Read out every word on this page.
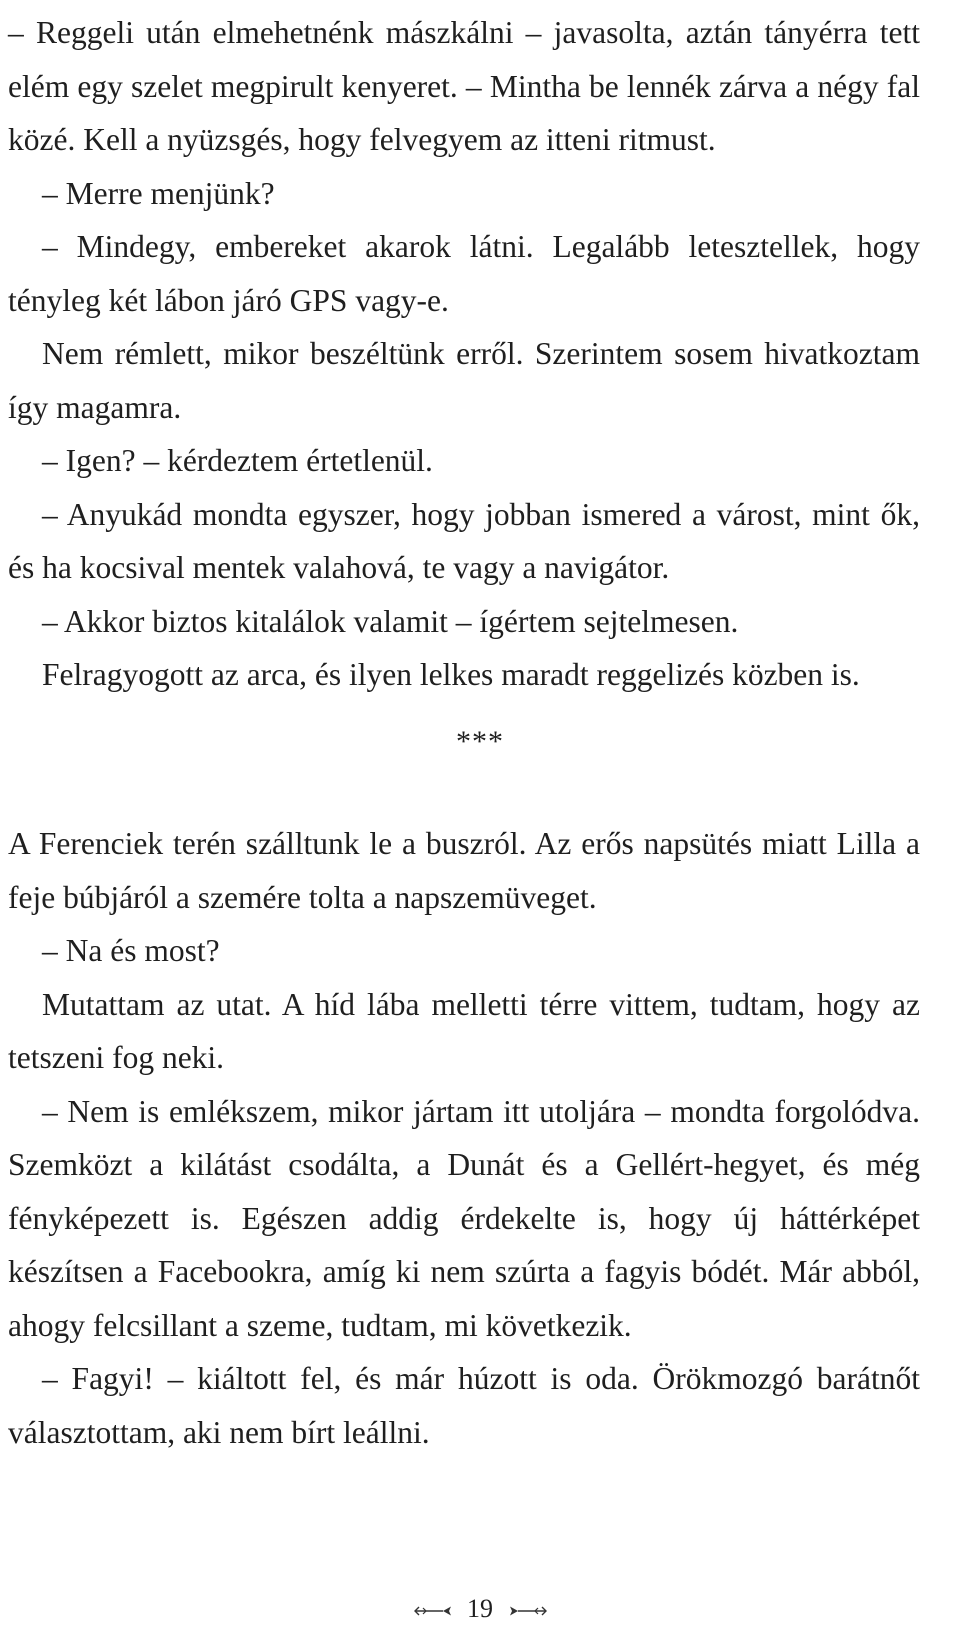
– Reggeli után elmehetnénk mászkálni – javasolta, aztán tányérra tett elém egy szelet megpirult kenyeret. – Mintha be lennék zárva a négy fal közé. Kell a nyüzsgés, hogy felvegyem az itteni ritmust.

– Merre menjünk?

– Mindegy, embereket akarok látni. Legalább letesztellek, hogy tényleg két lábon járó GPS vagy-e.

Nem rémlett, mikor beszéltünk erről. Szerintem sosem hivatkoztam így magamra.

– Igen? – kérdeztem értetlenül.

– Anyukád mondta egyszer, hogy jobban ismered a várost, mint ők, és ha kocsival mentek valahová, te vagy a navigátor.

– Akkor biztos kitalálok valamit – ígértem sejtelmesen.

Felragyogott az arca, és ilyen lelkes maradt reggelizés közben is.

***

A Ferenciek terén szálltunk le a buszról. Az erős napsütés miatt Lilla a feje búbjáról a szemére tolta a napszemüveget.

– Na és most?

Mutattam az utat. A híd lába melletti térre vittem, tudtam, hogy az tetszeni fog neki.

– Nem is emlékszem, mikor jártam itt utoljára – mondta forgolódva. Szemközt a kilátást csodálta, a Dunát és a Gellért-hegyet, és még fényképezett is. Egészen addig érdekelte is, hogy új háttérképet készítsen a Facebookra, amíg ki nem szúrta a fagyis bódét. Már abból, ahogy felcsillant a szeme, tudtam, mi következik.

– Fagyi! – kiáltott fel, és már húzott is oda. Örökmozgó barátnőt választottam, aki nem bírt leállni.

19
